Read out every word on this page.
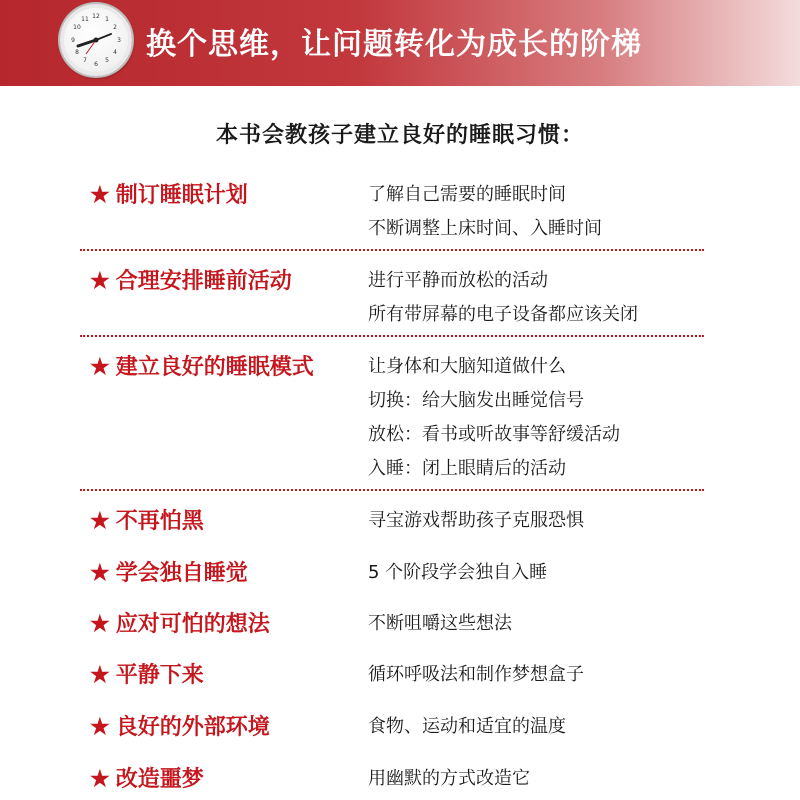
12 1
2
3
4
5
6
7
8
9
10
11
换个思维，让问题转化为成长的阶梯
本书会教孩子建立良好的睡眠习惯：
★ 制订睡眠计划	了解自己需要的睡眠时间
不断调整上床时间、入睡时间
★ 合理安排睡前活动	进行平静而放松的活动
所有带屏幕的电子设备都应该关闭
★ 建立良好的睡眠模式	让身体和大脑知道做什么
切换：给大脑发出睡觉信号
放松：看书或听故事等舒缓活动
入睡：闭上眼睛后的活动
★ 不再怕黑	寻宝游戏帮助孩子克服恐惧
★ 学会独自睡觉	5 个阶段学会独自入睡
★ 应对可怕的想法	不断咀嚼这些想法
★ 平静下来	循环呼吸法和制作梦想盒子
★ 良好的外部环境	食物、运动和适宜的温度
★ 改造噩梦	用幽默的方式改造它
